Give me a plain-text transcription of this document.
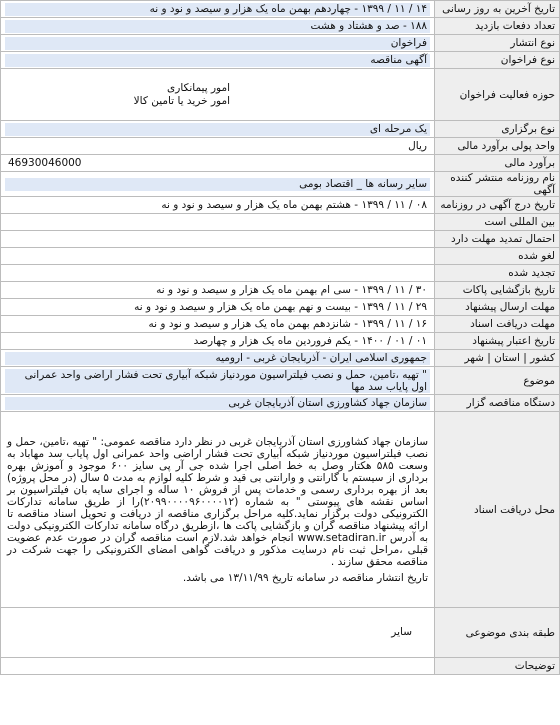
تاریخ آخرین به روز رسانی	۱۴ / ۱۱ / ۱۳۹۹ - چهاردهم بهمن ماه یک هزار و سیصد و نود و نه

تعداد دفعات بازدید	۱۸۸ - صد و هشتاد و هشت

نوع انتشار	فراخوان

نوع فراخوان	آگهی مناقصه

حوزه فعالیت فراخوان	امور پیمانکاری
امور خرید یا تامین کالا

نوع برگزاری	یک مرحله ای

واحد پولی برآورد مالی	ریال

برآورد مالی	46930046000

نام روزنامه منتشر کننده آگهی	سایر رسانه ها _ اقتصاد بومی

تاریخ درج آگهی در روزنامه	۰۸ / ۱۱ / ۱۳۹۹ - هشتم بهمن ماه یک هزار و سیصد و نود و نه

بین المللی است	
احتمال تمدید مهلت دارد	
لغو شده	
تجدید شده	
تاریخ بازگشایی پاکات	۳۰ / ۱۱ / ۱۳۹۹ - سی ام بهمن ماه یک هزار و سیصد و نود و نه

مهلت ارسال پیشنهاد	۲۹ / ۱۱ / ۱۳۹۹ - بیست و نهم بهمن ماه یک هزار و سیصد و نود و نه

مهلت دریافت اسناد	۱۶ / ۱۱ / ۱۳۹۹ - شانزدهم بهمن ماه یک هزار و سیصد و نود و نه

تاریخ اعتبار پیشنهاد	۰۱ / ۰۱ / ۱۴۰۰ - یکم فروردین ماه یک هزار و چهارصد

کشور | استان | شهر	جمهوری اسلامی ایران - آذربایجان غربی - ارومیه

موضوع	" تهیه ،تامین، حمل و نصب فیلتراسیون موردنیاز شبکه آبیاری تحت فشار اراضی واحد عمرانی اول پایاب سد مها

دستگاه مناقصه گزار	سازمان جهاد کشاورزی استان آذربایجان غربی

محل دریافت اسناد	سازمان جهاد کشاورزی استان آذربایجان غربی در نظر دارد مناقصه عمومی: " تهیه ،تامین، حمل و نصب فیلتراسیون موردنیاز شبکه آبیاری تحت فشار اراضی واحد عمرانی اول پایاب سد مهاباد به وسعت ۵۸۵ هکتار وصل به خط اصلی اجرا شده جی آر پی سایز ۶۰۰ موجود و آموزش بهره برداری از سیستم با گارانتی و وارانتی بی قید و شرط کلیه لوازم به مدت ۵ سال (در محل پروژه) بعد از بهره برداری رسمی و خدمات پس از فروش ۱۰ ساله و اجرای سایه بان فیلتراسیون بر اساس نقشه های پیوستی " به شماره (۲۰۹۹۰۰۰۰۹۶۰۰۰۰۱۲)را از طریق سامانه تدارکات الکترونیکی دولت برگزار نماید.کلیه مراحل برگزاری مناقصه از دریافت و تحویل اسناد مناقصه تا ارائه پیشنهاد مناقصه گران و بازگشایی پاکت ها ،ازطریق درگاه سامانه تدارکات الکترونیکی دولت به آدرس www.setadiran.ir انجام خواهد شد.لازم است مناقصه گران در صورت عدم عضویت قبلی ،مراحل ثبت نام درسایت مذکور و دریافت گواهی امضای الکترونیکی را جهت شرکت در مناقصه محقق سازند .
تاریخ انتشار مناقصه در سامانه تاریخ ۱۳/۱۱/۹۹ می باشد.

طبقه بندی موضوعی	سایر

توضیحات	
